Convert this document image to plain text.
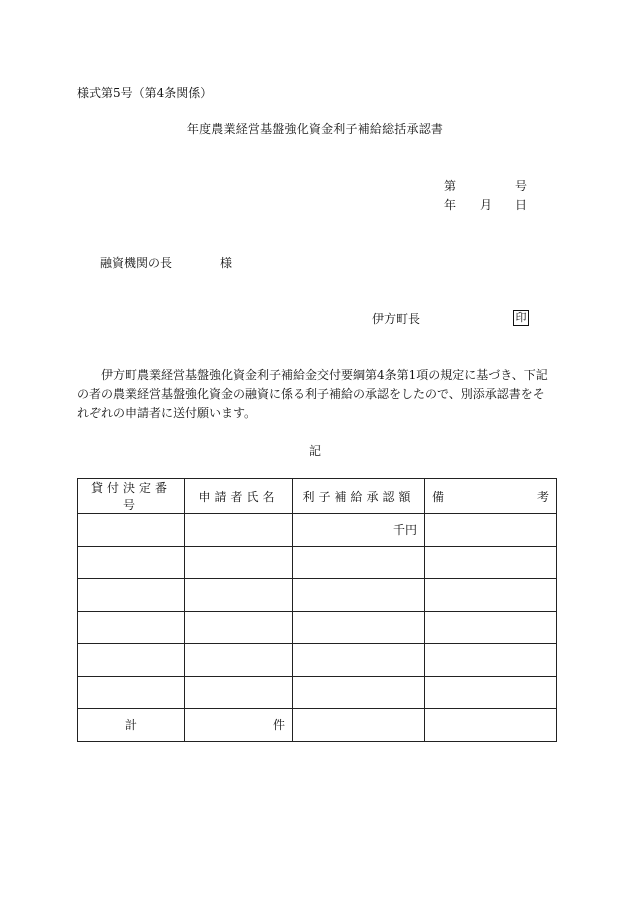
様式第5号（第4条関係）
年度農業経営基盤強化資金利子補給総括承認書
第	号
年 月 日
融資機関の長	様
伊方町長	印
伊方町農業経営基盤強化資金利子補給金交付要綱第4条第1項の規定に基づき、下記の者の農業経営基盤強化資金の融資に係る利子補給の承認をしたので、別添承認書をそれぞれの申請者に送付願います。
記
貸付決定番号	申請者氏名	利子補給承認額	備 考

		千円	

計	件		
